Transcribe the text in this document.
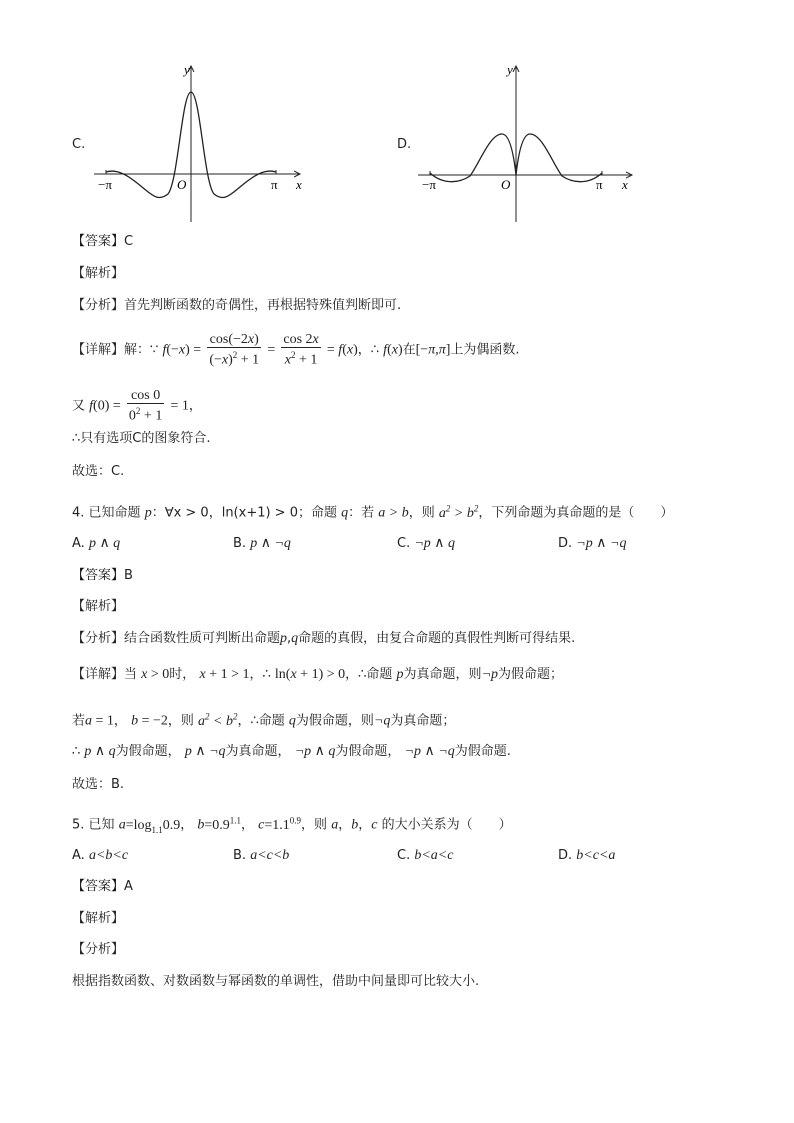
C.
y
x
O
−π	π
D.
y
x
O
−π	π
【答案】C
【解析】
【分析】首先判断函数的奇偶性，再根据特殊值判断即可.
【详解】解：∵ $f(-x) = \frac{\cos(-2x)}{(-x)^2 + 1} = \frac{\cos 2x}{x^2 + 1} = f(x)$，∴ f(x)在[−π,π]上为偶函数.
又 $f(0) = \frac{\cos 0}{0^2 + 1} = 1$，
∴只有选项C的图象符合.
故选：C.
4. 已知命题 p：∀x > 0，ln(x+1) > 0；命题 q：若 a > b，则 $a^2 > b^2$，下列命题为真命题的是（　　）
A. p ∧ q	B. p ∧ ¬q	C. ¬p ∧ q	D. ¬p ∧ ¬q
【答案】B
【解析】
【分析】结合函数性质可判断出命题p,q命题的真假，由复合命题的真假性判断可得结果.
【详解】当 x > 0时， x + 1 > 1，∴ ln(x + 1) > 0，∴命题 p为真命题，则¬p为假命题；
若a = 1， b = −2，则 $a^2 < b^2$，∴命题 q为假命题，则¬q为真命题；
∴ p ∧ q为假命题， p ∧ ¬q为真命题， ¬p ∧ q为假命题， ¬p ∧ ¬q为假命题.
故选：B.
5. 已知 $a=\log_{1.1}0.9$， $b=0.9^{1.1}$， $c=1.1^{0.9}$，则 a，b，c 的大小关系为（　　）
A. a<b<c	B. a<c<b	C. b<a<c	D. b<c<a
【答案】A
【解析】
【分析】
根据指数函数、对数函数与幂函数的单调性，借助中间量即可比较大小.
